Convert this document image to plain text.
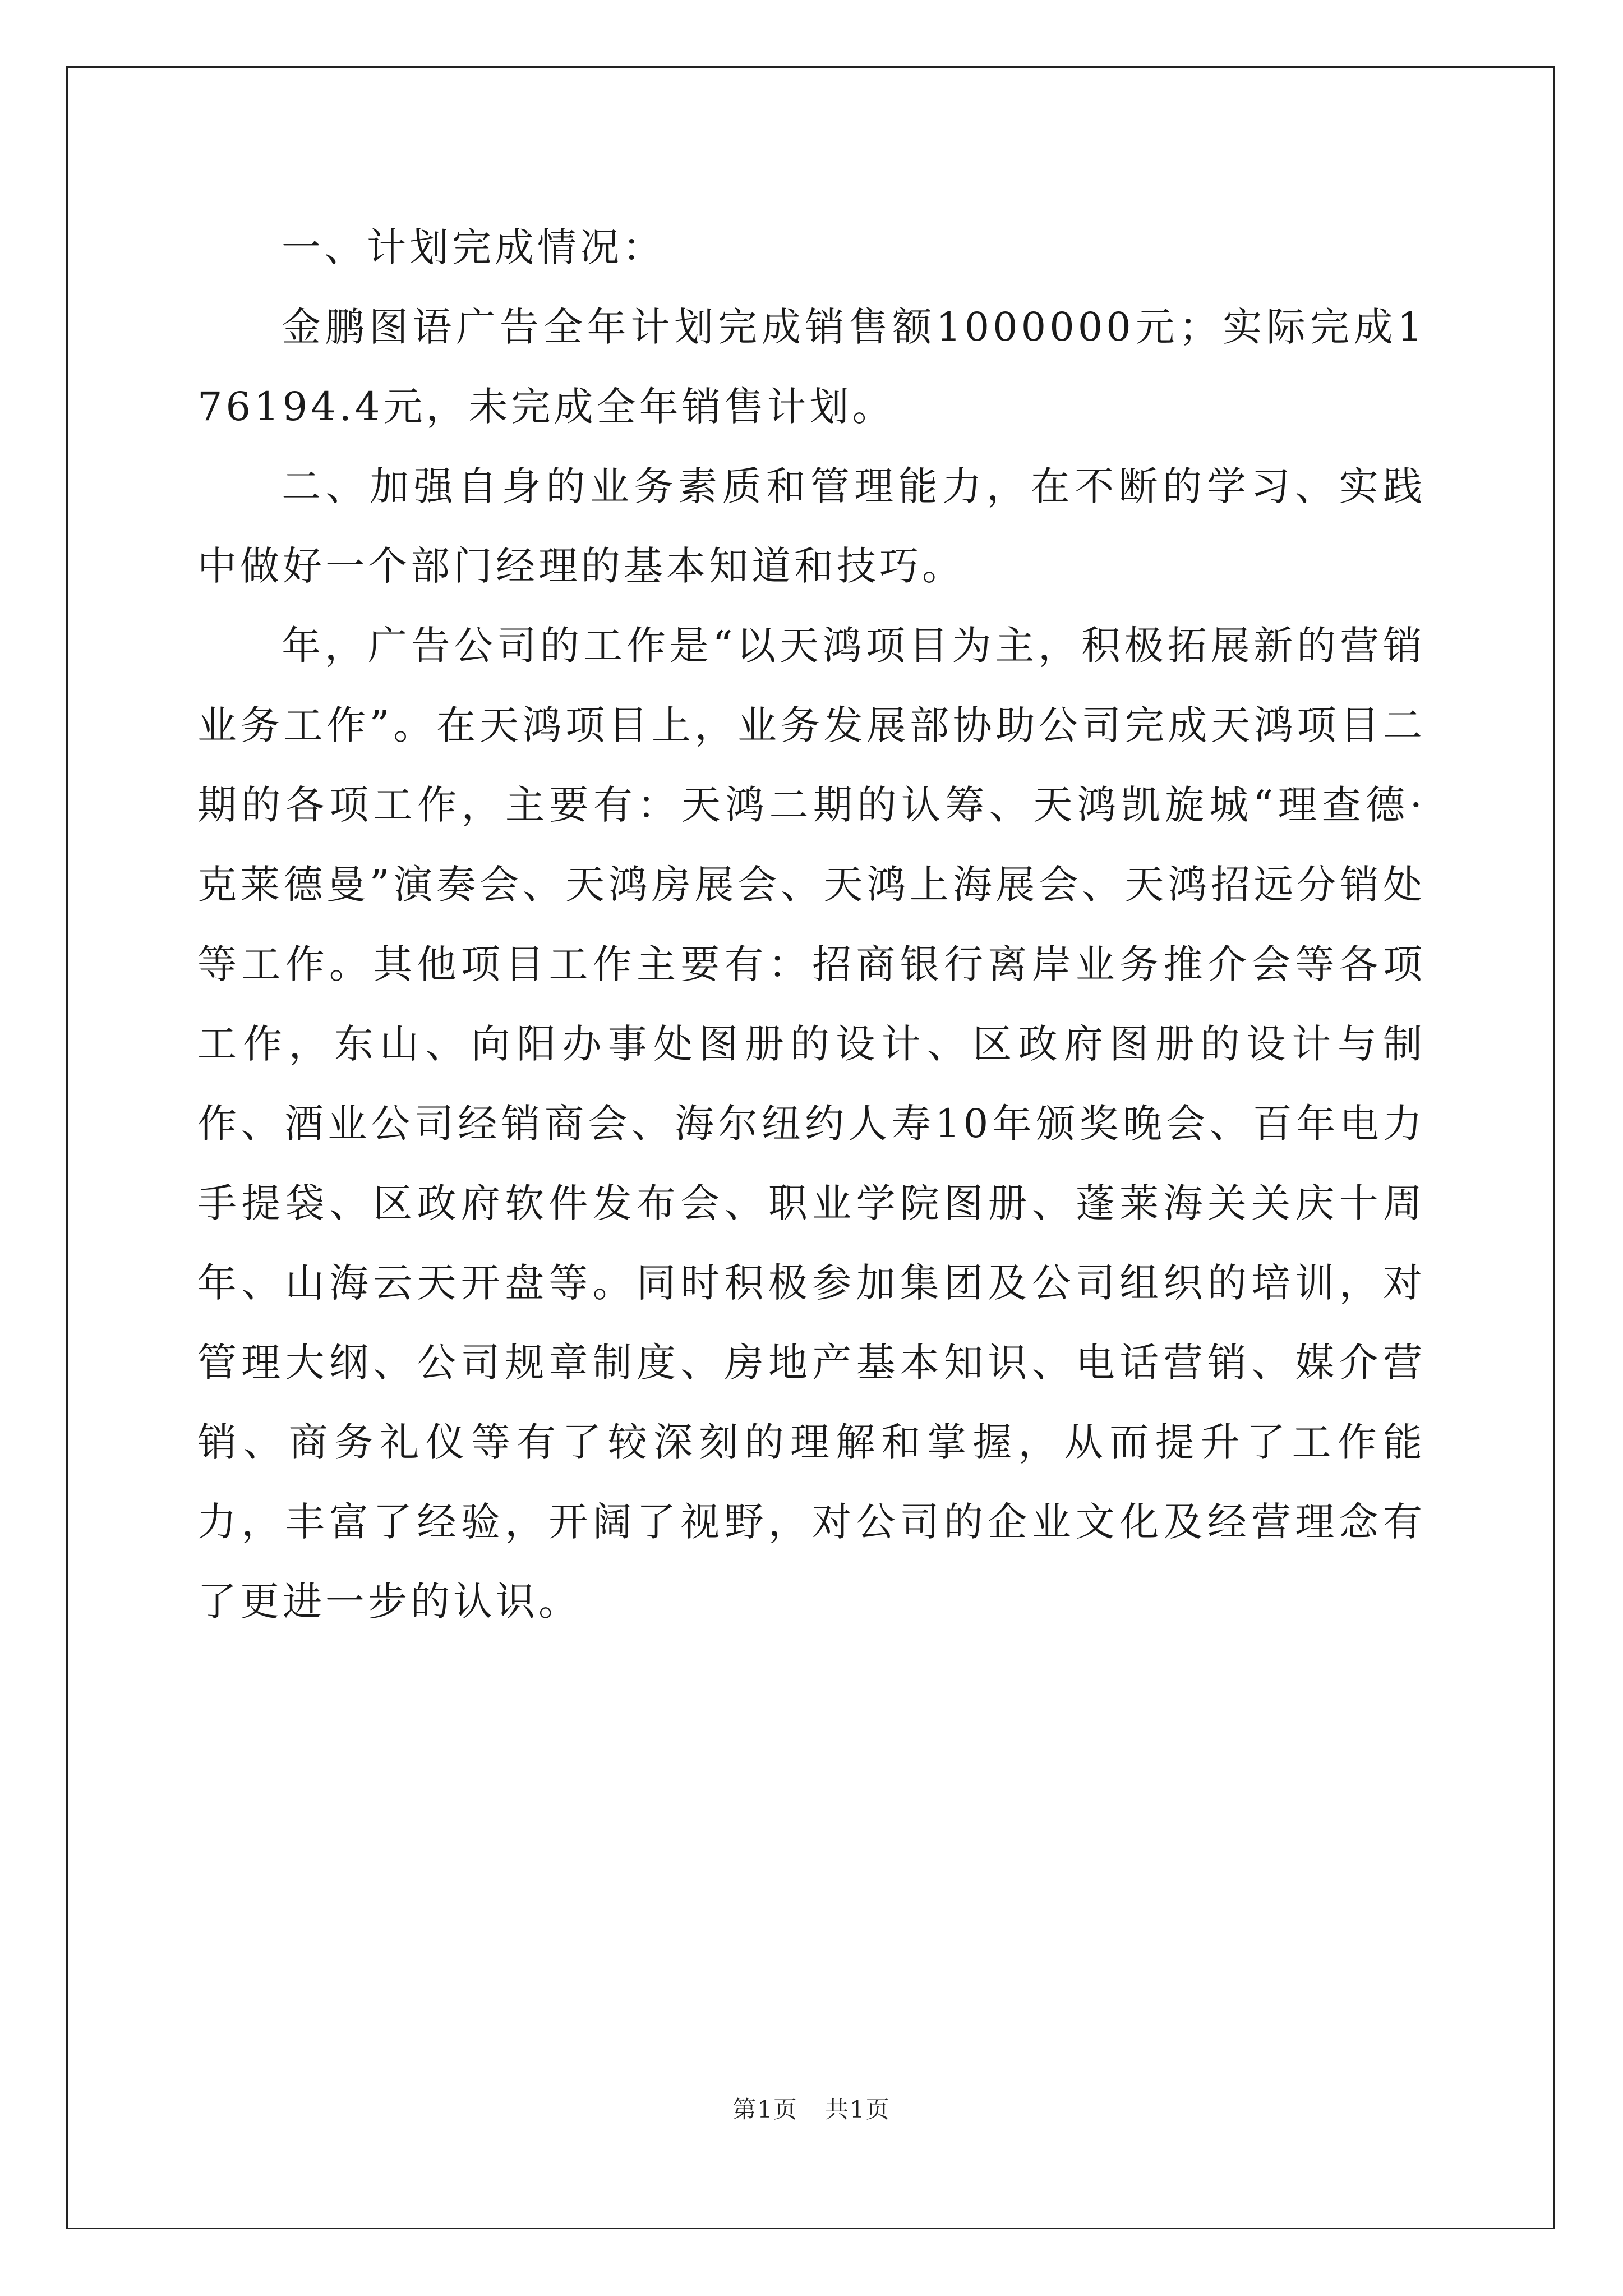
一、计划完成情况：

金鹏图语广告全年计划完成销售额1000000元；实际完成176194.4元，未完成全年销售计划。

二、加强自身的业务素质和管理能力，在不断的学习、实践中做好一个部门经理的基本知道和技巧。

年，广告公司的工作是“以天鸿项目为主，积极拓展新的营销业务工作”。在天鸿项目上，业务发展部协助公司完成天鸿项目二期的各项工作，主要有：天鸿二期的认筹、天鸿凯旋城“理查德·克莱德曼”演奏会、天鸿房展会、天鸿上海展会、天鸿招远分销处等工作。其他项目工作主要有：招商银行离岸业务推介会等各项工作，东山、向阳办事处图册的设计、区政府图册的设计与制作、酒业公司经销商会、海尔纽约人寿10年颁奖晚会、百年电力手提袋、区政府软件发布会、职业学院图册、蓬莱海关关庆十周年、山海云天开盘等。同时积极参加集团及公司组织的培训，对管理大纲、公司规章制度、房地产基本知识、电话营销、媒介营销、商务礼仪等有了较深刻的理解和掌握，从而提升了工作能力，丰富了经验，开阔了视野，对公司的企业文化及经营理念有了更进一步的认识。

第1页 共1页
